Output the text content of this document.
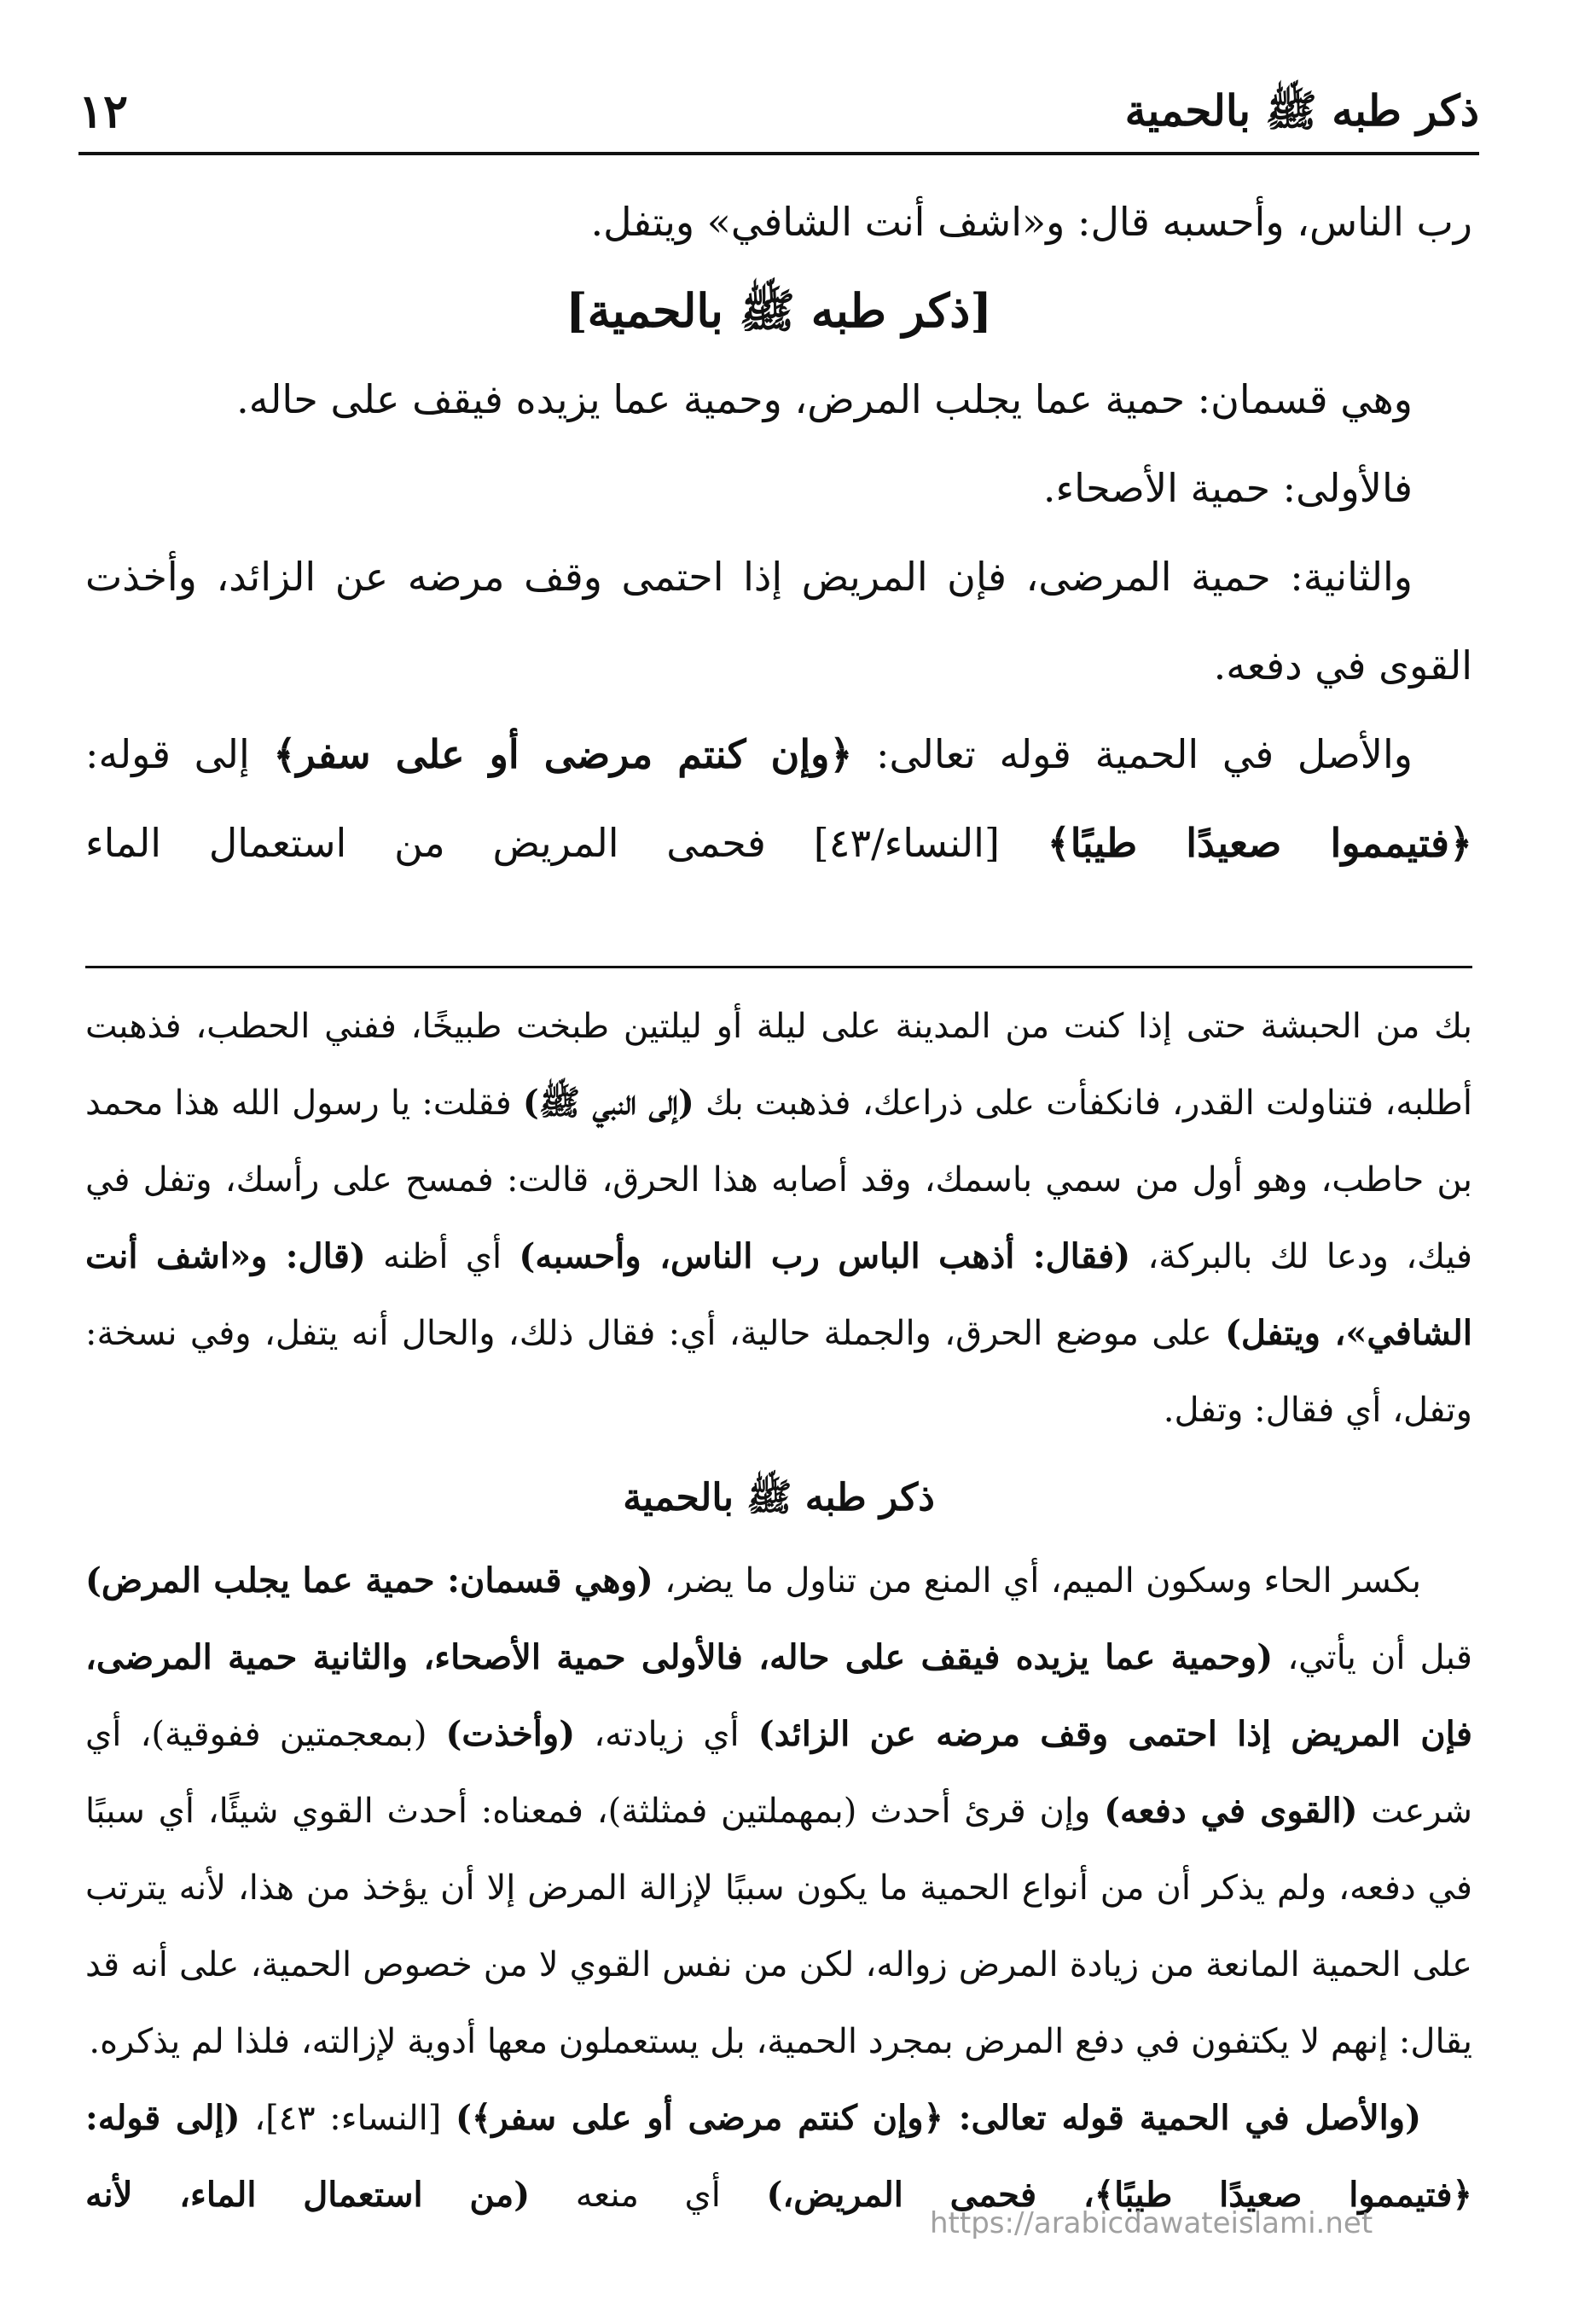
ذكر طبه ﷺ بالحمية
١٢

رب الناس، وأحسبه قال: و«اشف أنت الشافي» ويتفل.

[ذكر طبه ﷺ بالحمية]

وهي قسمان: حمية عما يجلب المرض، وحمية عما يزيده فيقف على حاله.

فالأولى: حمية الأصحاء.

والثانية: حمية المرضى، فإن المريض إذا احتمى وقف مرضه عن الزائد، وأخذت القوى في دفعه.

والأصل في الحمية قوله تعالى: ﴿وإن كنتم مرضى أو على سفر﴾ إلى قوله: ﴿فتيمموا صعيدًا طيبًا﴾ [النساء/٤٣] فحمى المريض من استعمال الماء

بك من الحبشة حتى إذا كنت من المدينة على ليلة أو ليلتين طبخت طبيخًا، ففني الحطب، فذهبت أطلبه، فتناولت القدر، فانكفأت على ذراعك، فذهبت بك (إلى النبي ﷺ) فقلت: يا رسول الله هذا محمد بن حاطب، وهو أول من سمي باسمك، وقد أصابه هذا الحرق، قالت: فمسح على رأسك، وتفل في فيك، ودعا لك بالبركة، (فقال: أذهب الباس رب الناس، وأحسبه) أي أظنه (قال: و«اشف أنت الشافي»، ويتفل) على موضع الحرق، والجملة حالية، أي: فقال ذلك، والحال أنه يتفل، وفي نسخة: وتفل، أي فقال: وتفل.

ذكر طبه ﷺ بالحمية

بكسر الحاء وسكون الميم، أي المنع من تناول ما يضر، (وهي قسمان: حمية عما يجلب المرض) قبل أن يأتي، (وحمية عما يزيده فيقف على حاله، فالأولى حمية الأصحاء، والثانية حمية المرضى، فإن المريض إذا احتمى وقف مرضه عن الزائد) أي زيادته، (وأخذت) (بمعجمتين ففوقية)، أي شرعت (القوى في دفعه) وإن قرئ أحدث (بمهملتين فمثلثة)، فمعناه: أحدث القوي شيئًا، أي سببًا في دفعه، ولم يذكر أن من أنواع الحمية ما يكون سببًا لإزالة المرض إلا أن يؤخذ من هذا، لأنه يترتب على الحمية المانعة من زيادة المرض زواله، لكن من نفس القوي لا من خصوص الحمية، على أنه قد يقال: إنهم لا يكتفون في دفع المرض بمجرد الحمية، بل يستعملون معها أدوية لإزالته، فلذا لم يذكره.

(والأصل في الحمية قوله تعالى: ﴿وإن كنتم مرضى أو على سفر﴾) [النساء: ٤٣]، (إلى قوله: ﴿فتيمموا صعيدًا طيبًا﴾، فحمى المريض،) أي منعه (من استعمال الماء، لأنه

https://arabicdawateislami.net
